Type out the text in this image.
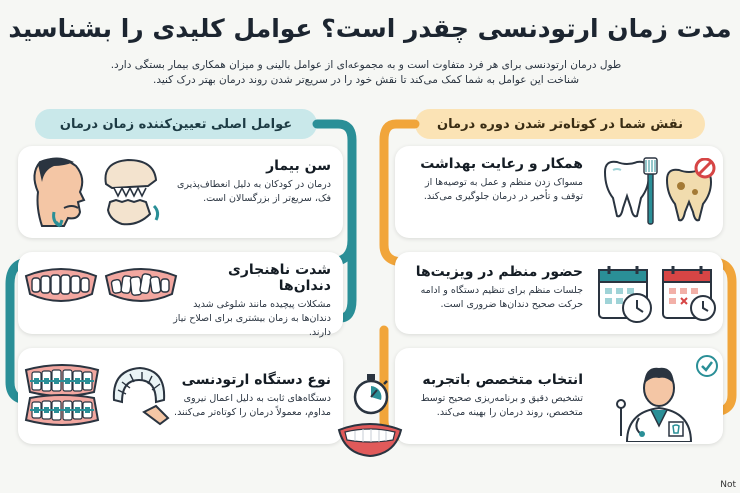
مدت زمان ارتودنسی چقدر است؟ عوامل کلیدی را بشناسید
طول درمان ارتودنسی برای هر فرد متفاوت است و به مجموعه‌ای از عوامل بالینی و میزان همکاری بیمار بستگی دارد. شناخت این عوامل به شما کمک می‌کند تا نقش خود را در سریع‌تر شدن روند درمان بهتر درک کنید.
عوامل اصلی تعیین‌کننده زمان درمان	نقش شما در کوتاه‌تر شدن دوره درمان
سن بیمار

درمان در کودکان به دلیل انعطاف‌پذیری فک، سریع‌تر از بزرگسالان است.

شدت ناهنجاری دندان‌ها

مشکلات پیچیده مانند شلوغی شدید دندان‌ها به زمان بیشتری برای اصلاح نیاز دارند.

نوع دستگاه ارتودنسی

دستگاه‌های ثابت به دلیل اعمال نیروی مداوم، معمولاً درمان را کوتاه‌تر می‌کنند.

همکار و رعایت بهداشت

مسواک زدن منظم و عمل به توصیه‌ها از توقف و تأخیر در درمان جلوگیری می‌کند.

حضور منظم در ویزیت‌ها

جلسات منظم برای تنظیم دستگاه و ادامه حرکت صحیح دندان‌ها ضروری است.

انتخاب متخصص باتجربه

تشخیص دقیق و برنامه‌ریزی صحیح توسط متخصص، روند درمان را بهینه می‌کند.

Not
